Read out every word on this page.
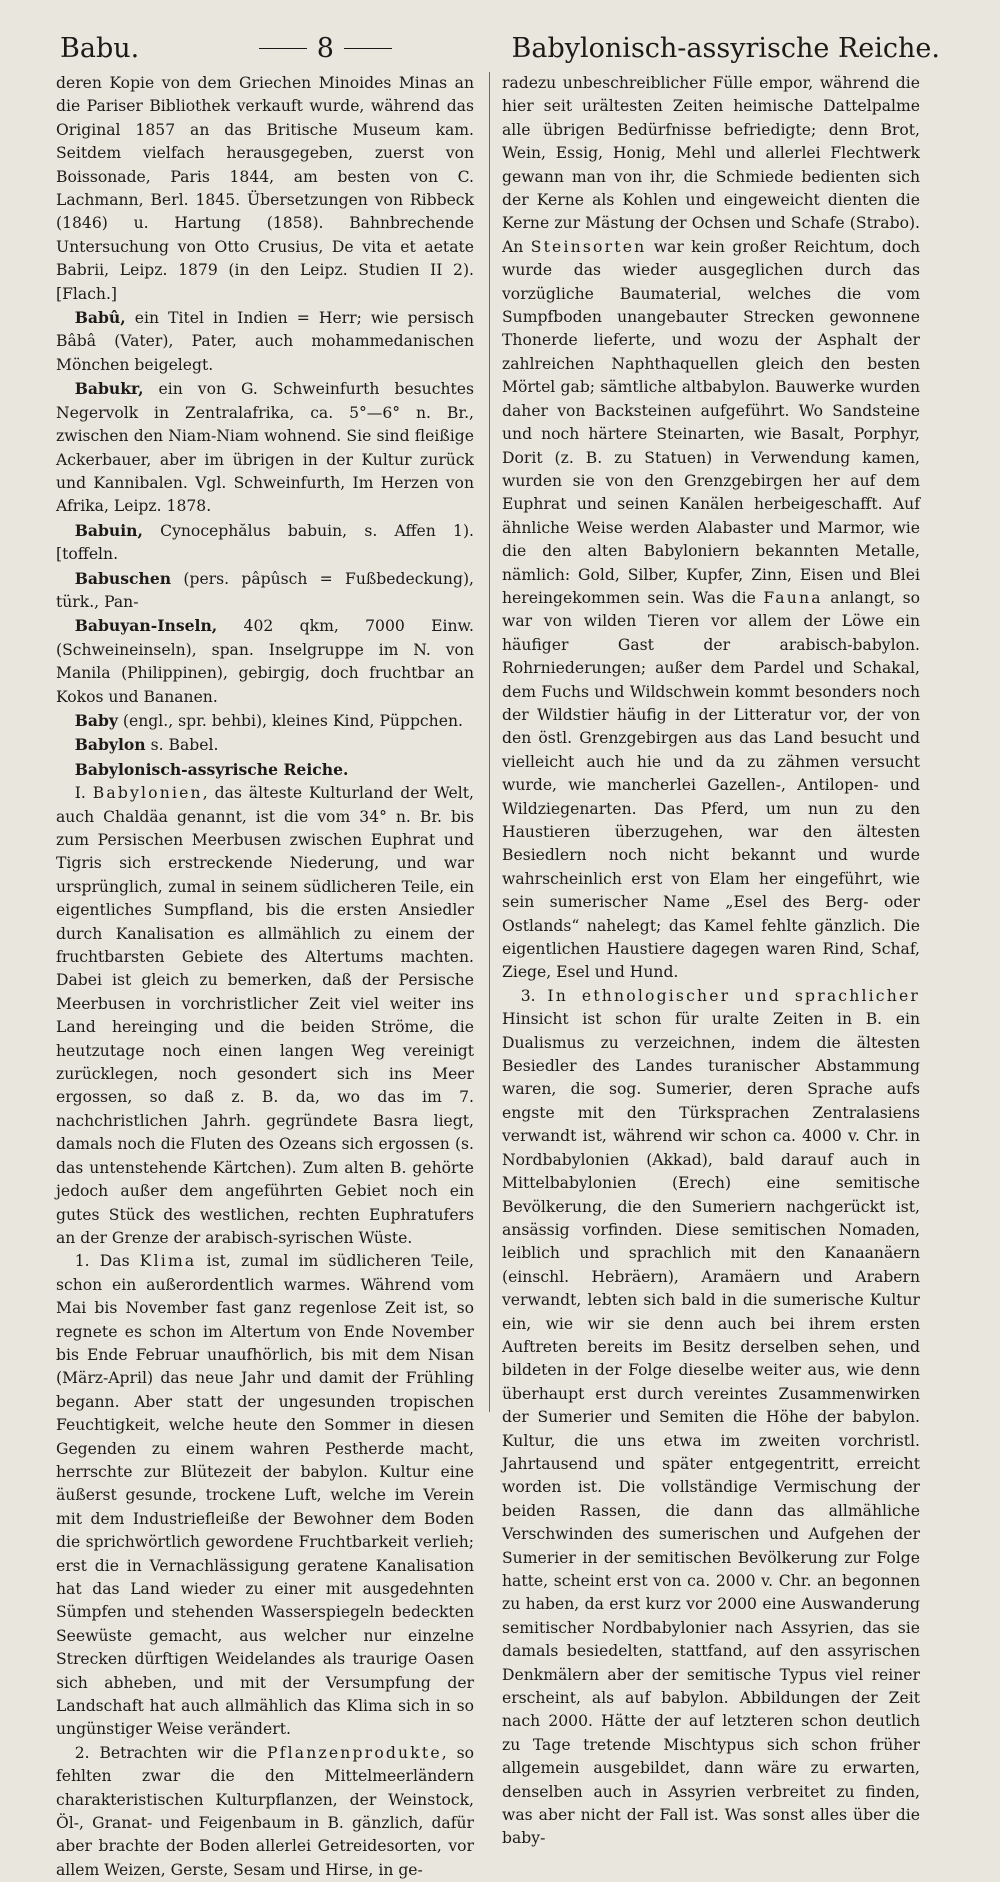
Babu.	8	Babylonisch-assyrische Reiche.

deren Kopie von dem Griechen Minoides Minas an die Pariser Bibliothek verkauft wurde, während das Original 1857 an das Britische Museum kam. Seitdem vielfach herausgegeben, zuerst von Boissonade, Paris 1844, am besten von C. Lachmann, Berl. 1845. Übersetzungen von Ribbeck (1846) u. Hartung (1858). Bahnbrechende Untersuchung von Otto Crusius, De vita et aetate Babrii, Leipz. 1879 (in den Leipz. Studien II 2). [Flach.]

Babû, ein Titel in Indien = Herr; wie persisch Bâbâ (Vater), Pater, auch mohammedanischen Mönchen beigelegt.

Babukr, ein von G. Schweinfurth besuchtes Negervolk in Zentralafrika, ca. 5°—6° n. Br., zwischen den Niam-Niam wohnend. Sie sind fleißige Ackerbauer, aber im übrigen in der Kultur zurück und Kannibalen. Vgl. Schweinfurth, Im Herzen von Afrika, Leipz. 1878.

Babuin, Cynocephălus babuin, s. Affen 1). [toffeln.

Babuschen (pers. pâpûsch = Fußbedeckung), türk., Pan-

Babuyan-Inseln, 402 qkm, 7000 Einw. (Schweineinseln), span. Inselgruppe im N. von Manila (Philippinen), gebirgig, doch fruchtbar an Kokos und Bananen.

Baby (engl., spr. behbi), kleines Kind, Püppchen.

Babylon s. Babel.

Babylonisch-assyrische Reiche.

I. Babylonien, das älteste Kulturland der Welt, auch Chaldäa genannt, ist die vom 34° n. Br. bis zum Persischen Meerbusen zwischen Euphrat und Tigris sich erstreckende Niederung, und war ursprünglich, zumal in seinem südlicheren Teile, ein eigentliches Sumpfland, bis die ersten Ansiedler durch Kanalisation es allmählich zu einem der fruchtbarsten Gebiete des Altertums machten. Dabei ist gleich zu bemerken, daß der Persische Meerbusen in vorchristlicher Zeit viel weiter ins Land hereinging und die beiden Ströme, die heutzutage noch einen langen Weg vereinigt zurücklegen, noch gesondert sich ins Meer ergossen, so daß z. B. da, wo das im 7. nachchristlichen Jahrh. gegründete Basra liegt, damals noch die Fluten des Ozeans sich ergossen (s. das untenstehende Kärtchen). Zum alten B. gehörte jedoch außer dem angeführten Gebiet noch ein gutes Stück des westlichen, rechten Euphratufers an der Grenze der arabisch-syrischen Wüste.

1. Das Klima ist, zumal im südlicheren Teile, schon ein außerordentlich warmes. Während vom Mai bis November fast ganz regenlose Zeit ist, so regnete es schon im Altertum von Ende November bis Ende Februar unaufhörlich, bis mit dem Nisan (März-April) das neue Jahr und damit der Frühling begann. Aber statt der ungesunden tropischen Feuchtigkeit, welche heute den Sommer in diesen Gegenden zu einem wahren Pestherde macht, herrschte zur Blütezeit der babylon. Kultur eine äußerst gesunde, trockene Luft, welche im Verein mit dem Industriefleiße der Bewohner dem Boden die sprichwörtlich gewordene Fruchtbarkeit verlieh; erst die in Vernachlässigung geratene Kanalisation hat das Land wieder zu einer mit ausgedehnten Sümpfen und stehenden Wasserspiegeln bedeckten Seewüste gemacht, aus welcher nur einzelne Strecken dürftigen Weidelandes als traurige Oasen sich abheben, und mit der Versumpfung der Landschaft hat auch allmählich das Klima sich in so ungünstiger Weise verändert.

2. Betrachten wir die Pflanzenprodukte, so fehlten zwar die den Mittelmeerländern charakteristischen Kulturpflanzen, der Weinstock, Öl-, Granat- und Feigenbaum in B. gänzlich, dafür aber brachte der Boden allerlei Getreidesorten, vor allem Weizen, Gerste, Sesam und Hirse, in ge-

radezu unbeschreiblicher Fülle empor, während die hier seit urältesten Zeiten heimische Dattelpalme alle übrigen Bedürfnisse befriedigte; denn Brot, Wein, Essig, Honig, Mehl und allerlei Flechtwerk gewann man von ihr, die Schmiede bedienten sich der Kerne als Kohlen und eingeweicht dienten die Kerne zur Mästung der Ochsen und Schafe (Strabo). An Steinsorten war kein großer Reichtum, doch wurde das wieder ausgeglichen durch das vorzügliche Baumaterial, welches die vom Sumpfboden unangebauter Strecken gewonnene Thonerde lieferte, und wozu der Asphalt der zahlreichen Naphthaquellen gleich den besten Mörtel gab; sämtliche altbabylon. Bauwerke wurden daher von Backsteinen aufgeführt. Wo Sandsteine und noch härtere Steinarten, wie Basalt, Porphyr, Dorit (z. B. zu Statuen) in Verwendung kamen, wurden sie von den Grenzgebirgen her auf dem Euphrat und seinen Kanälen herbeigeschafft. Auf ähnliche Weise werden Alabaster und Marmor, wie die den alten Babyloniern bekannten Metalle, nämlich: Gold, Silber, Kupfer, Zinn, Eisen und Blei hereingekommen sein. Was die Fauna anlangt, so war von wilden Tieren vor allem der Löwe ein häufiger Gast der arabisch-babylon. Rohrniederungen; außer dem Pardel und Schakal, dem Fuchs und Wildschwein kommt besonders noch der Wildstier häufig in der Litteratur vor, der von den östl. Grenzgebirgen aus das Land besucht und vielleicht auch hie und da zu zähmen versucht wurde, wie mancherlei Gazellen-, Antilopen- und Wildziegenarten. Das Pferd, um nun zu den Haustieren überzugehen, war den ältesten Besiedlern noch nicht bekannt und wurde wahrscheinlich erst von Elam her eingeführt, wie sein sumerischer Name „Esel des Berg- oder Ostlands“ nahelegt; das Kamel fehlte gänzlich. Die eigentlichen Haustiere dagegen waren Rind, Schaf, Ziege, Esel und Hund.

3. In ethnologischer und sprachlicher Hinsicht ist schon für uralte Zeiten in B. ein Dualismus zu verzeichnen, indem die ältesten Besiedler des Landes turanischer Abstammung waren, die sog. Sumerier, deren Sprache aufs engste mit den Türksprachen Zentralasiens verwandt ist, während wir schon ca. 4000 v. Chr. in Nordbabylonien (Akkad), bald darauf auch in Mittelbabylonien (Erech) eine semitische Bevölkerung, die den Sumeriern nachgerückt ist, ansässig vorfinden. Diese semitischen Nomaden, leiblich und sprachlich mit den Kanaanäern (einschl. Hebräern), Aramäern und Arabern verwandt, lebten sich bald in die sumerische Kultur ein, wie wir sie denn auch bei ihrem ersten Auftreten bereits im Besitz derselben sehen, und bildeten in der Folge dieselbe weiter aus, wie denn überhaupt erst durch vereintes Zusammenwirken der Sumerier und Semiten die Höhe der babylon. Kultur, die uns etwa im zweiten vorchristl. Jahrtausend und später entgegentritt, erreicht worden ist. Die vollständige Vermischung der beiden Rassen, die dann das allmähliche Verschwinden des sumerischen und Aufgehen der Sumerier in der semitischen Bevölkerung zur Folge hatte, scheint erst von ca. 2000 v. Chr. an begonnen zu haben, da erst kurz vor 2000 eine Auswanderung semitischer Nordbabylonier nach Assyrien, das sie damals besiedelten, stattfand, auf den assyrischen Denkmälern aber der semitische Typus viel reiner erscheint, als auf babylon. Abbildungen der Zeit nach 2000. Hätte der auf letzteren schon deutlich zu Tage tretende Mischtypus sich schon früher allgemein ausgebildet, dann wäre zu erwarten, denselben auch in Assyrien verbreitet zu finden, was aber nicht der Fall ist. Was sonst alles über die baby-
